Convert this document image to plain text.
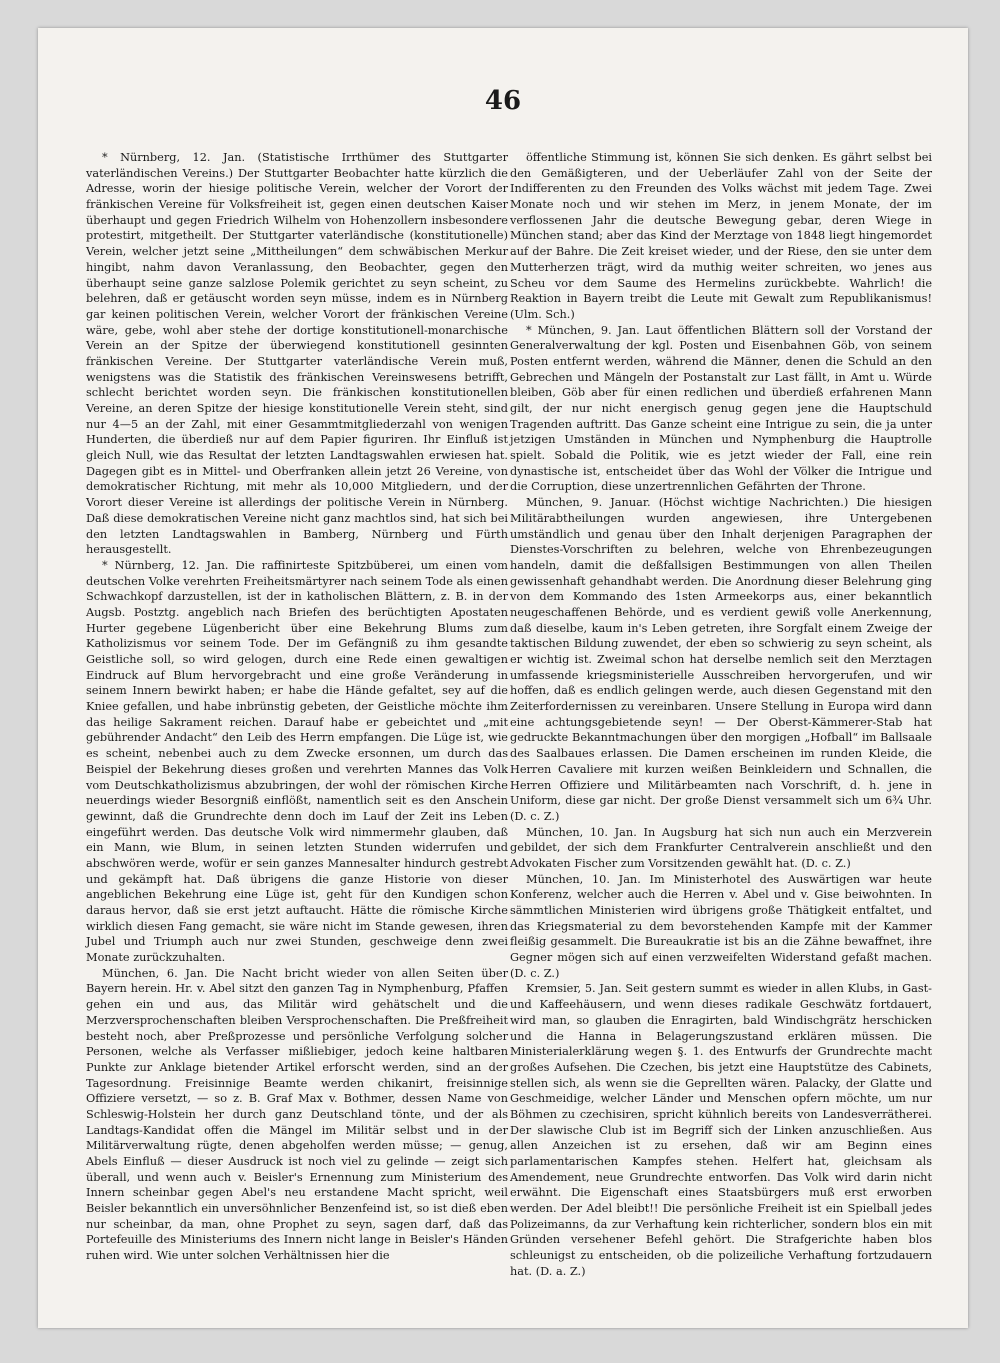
46

* Nürnberg, 12. Jan. (Statistische Irrthümer des Stuttgarter vaterländischen Vereins.) Der Stuttgarter Beobachter hatte kürzlich die Adresse, worin der hiesige politische Verein, welcher der Vorort der fränkischen Vereine für Volksfreiheit ist, gegen einen deutschen Kaiser überhaupt und gegen Friedrich Wilhelm von Hohenzollern insbesondere protestirt, mitgetheilt. Der Stuttgarter vaterländische (konstitutionelle) Verein, welcher jetzt seine „Mittheilungen“ dem schwäbischen Merkur hingibt, nahm davon Veranlassung, den Beobachter, gegen den überhaupt seine ganze salzlose Polemik gerichtet zu seyn scheint, zu belehren, daß er getäuscht worden seyn müsse, indem es in Nürnberg gar keinen politischen Verein, welcher Vorort der fränkischen Vereine wäre, gebe, wohl aber stehe der dortige konstitutionell-monarchische Verein an der Spitze der überwiegend konstitutionell gesinnten fränkischen Vereine. Der Stuttgarter vaterländische Verein muß, wenigstens was die Statistik des fränkischen Vereinswesens betrifft, schlecht berichtet worden seyn. Die fränkischen konstitutionellen Vereine, an deren Spitze der hiesige konstitutionelle Verein steht, sind nur 4—5 an der Zahl, mit einer Gesammtmitgliederzahl von wenigen Hunderten, die überdieß nur auf dem Papier figuriren. Ihr Einfluß ist gleich Null, wie das Resultat der letzten Landtagswahlen erwiesen hat. Dagegen gibt es in Mittel- und Oberfranken allein jetzt 26 Vereine, von demokratischer Richtung, mit mehr als 10,000 Mitgliedern, und der Vorort dieser Vereine ist allerdings der politische Verein in Nürnberg. Daß diese demokratischen Vereine nicht ganz machtlos sind, hat sich bei den letzten Landtagswahlen in Bamberg, Nürnberg und Fürth herausgestellt.

* Nürnberg, 12. Jan. Die raffinirteste Spitzbüberei, um einen vom deutschen Volke verehrten Freiheitsmärtyrer nach seinem Tode als einen Schwachkopf darzustellen, ist der in katholischen Blättern, z. B. in der Augsb. Postztg. angeblich nach Briefen des berüchtigten Apostaten Hurter gegebene Lügenbericht über eine Bekehrung Blums zum Katholizismus vor seinem Tode. Der im Gefängniß zu ihm gesandte Geistliche soll, so wird gelogen, durch eine Rede einen gewaltigen Eindruck auf Blum hervorgebracht und eine große Veränderung in seinem Innern bewirkt haben; er habe die Hände gefaltet, sey auf die Kniee gefallen, und habe inbrünstig gebeten, der Geistliche möchte ihm das heilige Sakrament reichen. Darauf habe er gebeichtet und „mit gebührender Andacht“ den Leib des Herrn empfangen. Die Lüge ist, wie es scheint, nebenbei auch zu dem Zwecke ersonnen, um durch das Beispiel der Bekehrung dieses großen und verehrten Mannes das Volk vom Deutschkatholizismus abzubringen, der wohl der römischen Kirche neuerdings wieder Besorgniß einflößt, namentlich seit es den Anschein gewinnt, daß die Grundrechte denn doch im Lauf der Zeit ins Leben eingeführt werden. Das deutsche Volk wird nimmermehr glauben, daß ein Mann, wie Blum, in seinen letzten Stunden widerrufen und abschwören werde, wofür er sein ganzes Mannesalter hindurch gestrebt und gekämpft hat. Daß übrigens die ganze Historie von dieser angeblichen Bekehrung eine Lüge ist, geht für den Kundigen schon daraus hervor, daß sie erst jetzt auftaucht. Hätte die römische Kirche wirklich diesen Fang gemacht, sie wäre nicht im Stande gewesen, ihren Jubel und Triumph auch nur zwei Stunden, geschweige denn zwei Monate zurückzuhalten.

München, 6. Jan. Die Nacht bricht wieder von allen Seiten über Bayern herein. Hr. v. Abel sitzt den ganzen Tag in Nymphenburg, Pfaffen gehen ein und aus, das Militär wird gehätschelt und die Merzversprochenschaften bleiben Versprochenschaften. Die Preßfreiheit besteht noch, aber Preßprozesse und persönliche Verfolgung solcher Personen, welche als Verfasser mißliebiger, jedoch keine haltbaren Punkte zur Anklage bietender Artikel erforscht werden, sind an der Tagesordnung. Freisinnige Beamte werden chikanirt, freisinnige Offiziere versetzt, — so z. B. Graf Max v. Bothmer, dessen Name von Schleswig-Holstein her durch ganz Deutschland tönte, und der als Landtags-Kandidat offen die Mängel im Militär selbst und in der Militärverwaltung rügte, denen abgeholfen werden müsse; — genug, Abels Einfluß — dieser Ausdruck ist noch viel zu gelinde — zeigt sich überall, und wenn auch v. Beisler's Ernennung zum Ministerium des Innern scheinbar gegen Abel's neu erstandene Macht spricht, weil Beisler bekanntlich ein unversöhnlicher Benzenfeind ist, so ist dieß eben nur scheinbar, da man, ohne Prophet zu seyn, sagen darf, daß das Portefeuille des Ministeriums des Innern nicht lange in Beisler's Händen ruhen wird. Wie unter solchen Verhältnissen hier die

öffentliche Stimmung ist, können Sie sich denken. Es gährt selbst bei den Gemäßigteren, und der Ueberläufer Zahl von der Seite der Indifferenten zu den Freunden des Volks wächst mit jedem Tage. Zwei Monate noch und wir stehen im Merz, in jenem Monate, der im verflossenen Jahr die deutsche Bewegung gebar, deren Wiege in München stand; aber das Kind der Merztage von 1848 liegt hingemordet auf der Bahre. Die Zeit kreiset wieder, und der Riese, den sie unter dem Mutterherzen trägt, wird da muthig weiter schreiten, wo jenes aus Scheu vor dem Saume des Hermelins zurückbebte. Wahrlich! die Reaktion in Bayern treibt die Leute mit Gewalt zum Republikanismus! (Ulm. Sch.)

* München, 9. Jan. Laut öffentlichen Blättern soll der Vorstand der Generalverwaltung der kgl. Posten und Eisenbahnen Göb, von seinem Posten entfernt werden, während die Männer, denen die Schuld an den Gebrechen und Mängeln der Postanstalt zur Last fällt, in Amt u. Würde bleiben, Göb aber für einen redlichen und überdieß erfahrenen Mann gilt, der nur nicht energisch genug gegen jene die Hauptschuld Tragenden auftritt. Das Ganze scheint eine Intrigue zu sein, die ja unter jetzigen Umständen in München und Nymphenburg die Hauptrolle spielt. Sobald die Politik, wie es jetzt wieder der Fall, eine rein dynastische ist, entscheidet über das Wohl der Völker die Intrigue und die Corruption, diese unzertrennlichen Gefährten der Throne.

München, 9. Januar. (Höchst wichtige Nachrichten.) Die hiesigen Militärabtheilungen wurden angewiesen, ihre Untergebenen umständlich und genau über den Inhalt derjenigen Paragraphen der Dienstes-Vorschriften zu belehren, welche von Ehrenbezeugungen handeln, damit die deßfallsigen Bestimmungen von allen Theilen gewissenhaft gehandhabt werden. Die Anordnung dieser Belehrung ging von dem Kommando des 1sten Armeekorps aus, einer bekanntlich neugeschaffenen Behörde, und es verdient gewiß volle Anerkennung, daß dieselbe, kaum in's Leben getreten, ihre Sorgfalt einem Zweige der taktischen Bildung zuwendet, der eben so schwierig zu seyn scheint, als er wichtig ist. Zweimal schon hat derselbe nemlich seit den Merztagen umfassende kriegsministerielle Ausschreiben hervorgerufen, und wir hoffen, daß es endlich gelingen werde, auch diesen Gegenstand mit den Zeiterfordernissen zu vereinbaren. Unsere Stellung in Europa wird dann eine achtungsgebietende seyn! — Der Oberst-Kämmerer-Stab hat gedruckte Bekanntmachungen über den morgigen „Hofball“ im Ballsaale des Saalbaues erlassen. Die Damen erscheinen im runden Kleide, die Herren Cavaliere mit kurzen weißen Beinkleidern und Schnallen, die Herren Offiziere und Militärbeamten nach Vorschrift, d. h. jene in Uniform, diese gar nicht. Der große Dienst versammelt sich um 6¾ Uhr. (D. c. Z.)

München, 10. Jan. In Augsburg hat sich nun auch ein Merzverein gebildet, der sich dem Frankfurter Centralverein anschließt und den Advokaten Fischer zum Vorsitzenden gewählt hat. (D. c. Z.)

München, 10. Jan. Im Ministerhotel des Auswärtigen war heute Konferenz, welcher auch die Herren v. Abel und v. Gise beiwohnten. In sämmtlichen Ministerien wird übrigens große Thätigkeit entfaltet, und das Kriegsmaterial zu dem bevorstehenden Kampfe mit der Kammer fleißig gesammelt. Die Bureaukratie ist bis an die Zähne bewaffnet, ihre Gegner mögen sich auf einen verzweifelten Widerstand gefaßt machen. (D. c. Z.)

Kremsier, 5. Jan. Seit gestern summt es wieder in allen Klubs, in Gast- und Kaffeehäusern, und wenn dieses radikale Geschwätz fortdauert, wird man, so glauben die Enragirten, bald Windischgrätz herschicken und die Hanna in Belagerungszustand erklären müssen. Die Ministerialerklärung wegen §. 1. des Entwurfs der Grundrechte macht großes Aufsehen. Die Czechen, bis jetzt eine Hauptstütze des Cabinets, stellen sich, als wenn sie die Geprellten wären. Palacky, der Glatte und Geschmeidige, welcher Länder und Menschen opfern möchte, um nur Böhmen zu czechisiren, spricht kühnlich bereits von Landesverrätherei. Der slawische Club ist im Begriff sich der Linken anzuschließen. Aus allen Anzeichen ist zu ersehen, daß wir am Beginn eines parlamentarischen Kampfes stehen. Helfert hat, gleichsam als Amendement, neue Grundrechte entworfen. Das Volk wird darin nicht erwähnt. Die Eigenschaft eines Staatsbürgers muß erst erworben werden. Der Adel bleibt!! Die persönliche Freiheit ist ein Spielball jedes Polizeimanns, da zur Verhaftung kein richterlicher, sondern blos ein mit Gründen versehener Befehl gehört. Die Strafgerichte haben blos schleunigst zu entscheiden, ob die polizeiliche Verhaftung fortzudauern hat. (D. a. Z.)
